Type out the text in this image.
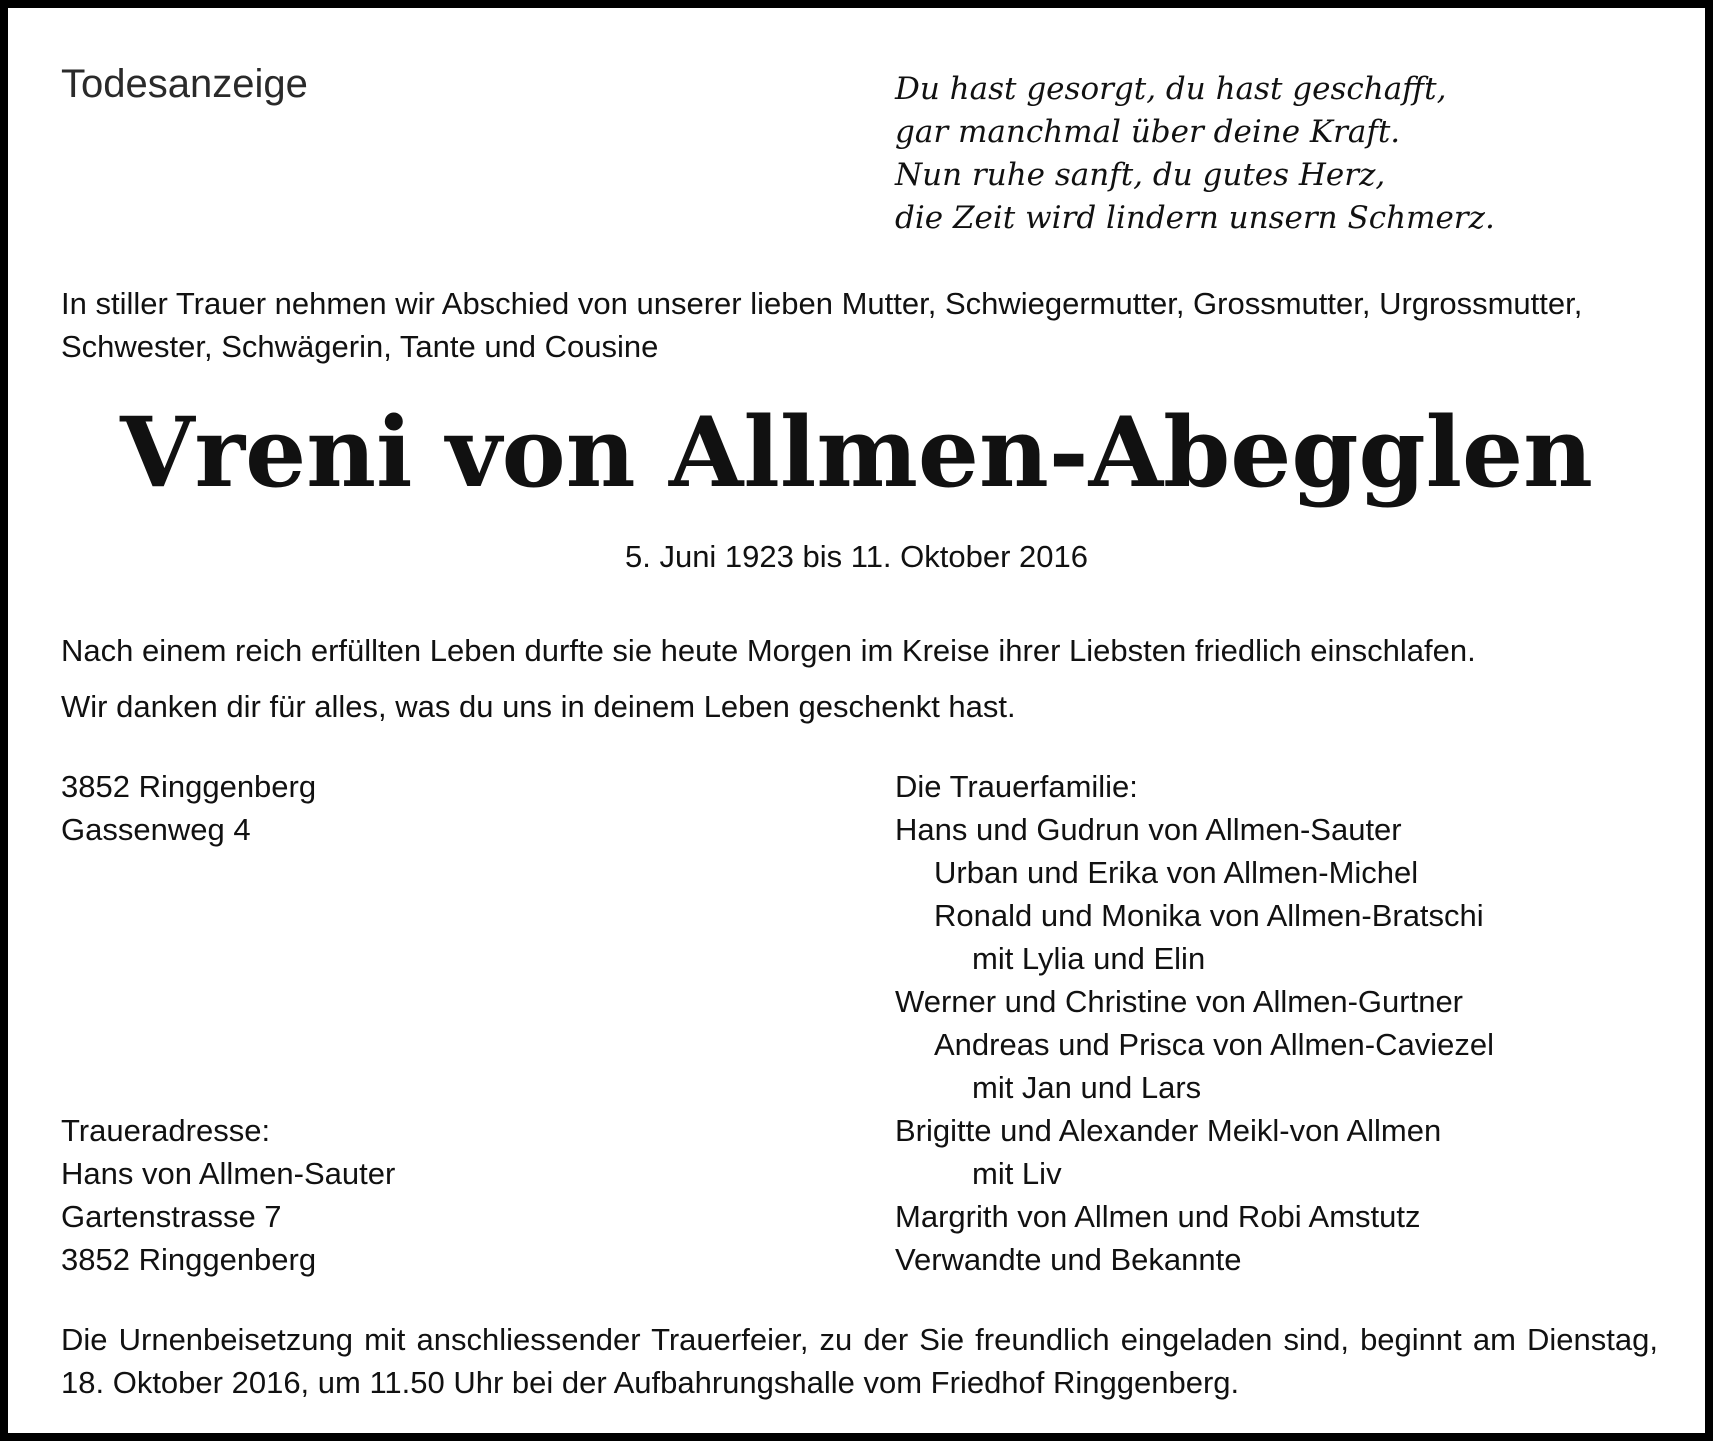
Todesanzeige	Du hast gesorgt, du hast geschafft,
gar manchmal über deine Kraft.
Nun ruhe sanft, du gutes Herz,
die Zeit wird lindern unsern Schmerz.
In stiller Trauer nehmen wir Abschied von unserer lieben Mutter, Schwiegermutter, Grossmutter, Urgrossmutter,
Schwester, Schwägerin, Tante und Cousine
Vreni von Allmen-Abegglen
5. Juni 1923 bis 11. Oktober 2016
Nach einem reich erfüllten Leben durfte sie heute Morgen im Kreise ihrer Liebsten friedlich einschlafen.
Wir danken dir für alles, was du uns in deinem Leben geschenkt hast.
3852 Ringgenberg
Gassenweg 4
Traueradresse:
Hans von Allmen-Sauter
Gartenstrasse 7
3852 Ringgenberg
Die Trauerfamilie:
Hans und Gudrun von Allmen-Sauter
Urban und Erika von Allmen-Michel
Ronald und Monika von Allmen-Bratschi
mit Lylia und Elin
Werner und Christine von Allmen-Gurtner
Andreas und Prisca von Allmen-Caviezel
mit Jan und Lars
Brigitte und Alexander Meikl-von Allmen
mit Liv
Margrith von Allmen und Robi Amstutz
Verwandte und Bekannte

Die Urnenbeisetzung mit anschliessender Trauerfeier, zu der Sie freundlich eingeladen sind, beginnt am Dienstag, 18. Oktober 2016, um 11.50 Uhr bei der Aufbahrungshalle vom Friedhof Ringgenberg.
